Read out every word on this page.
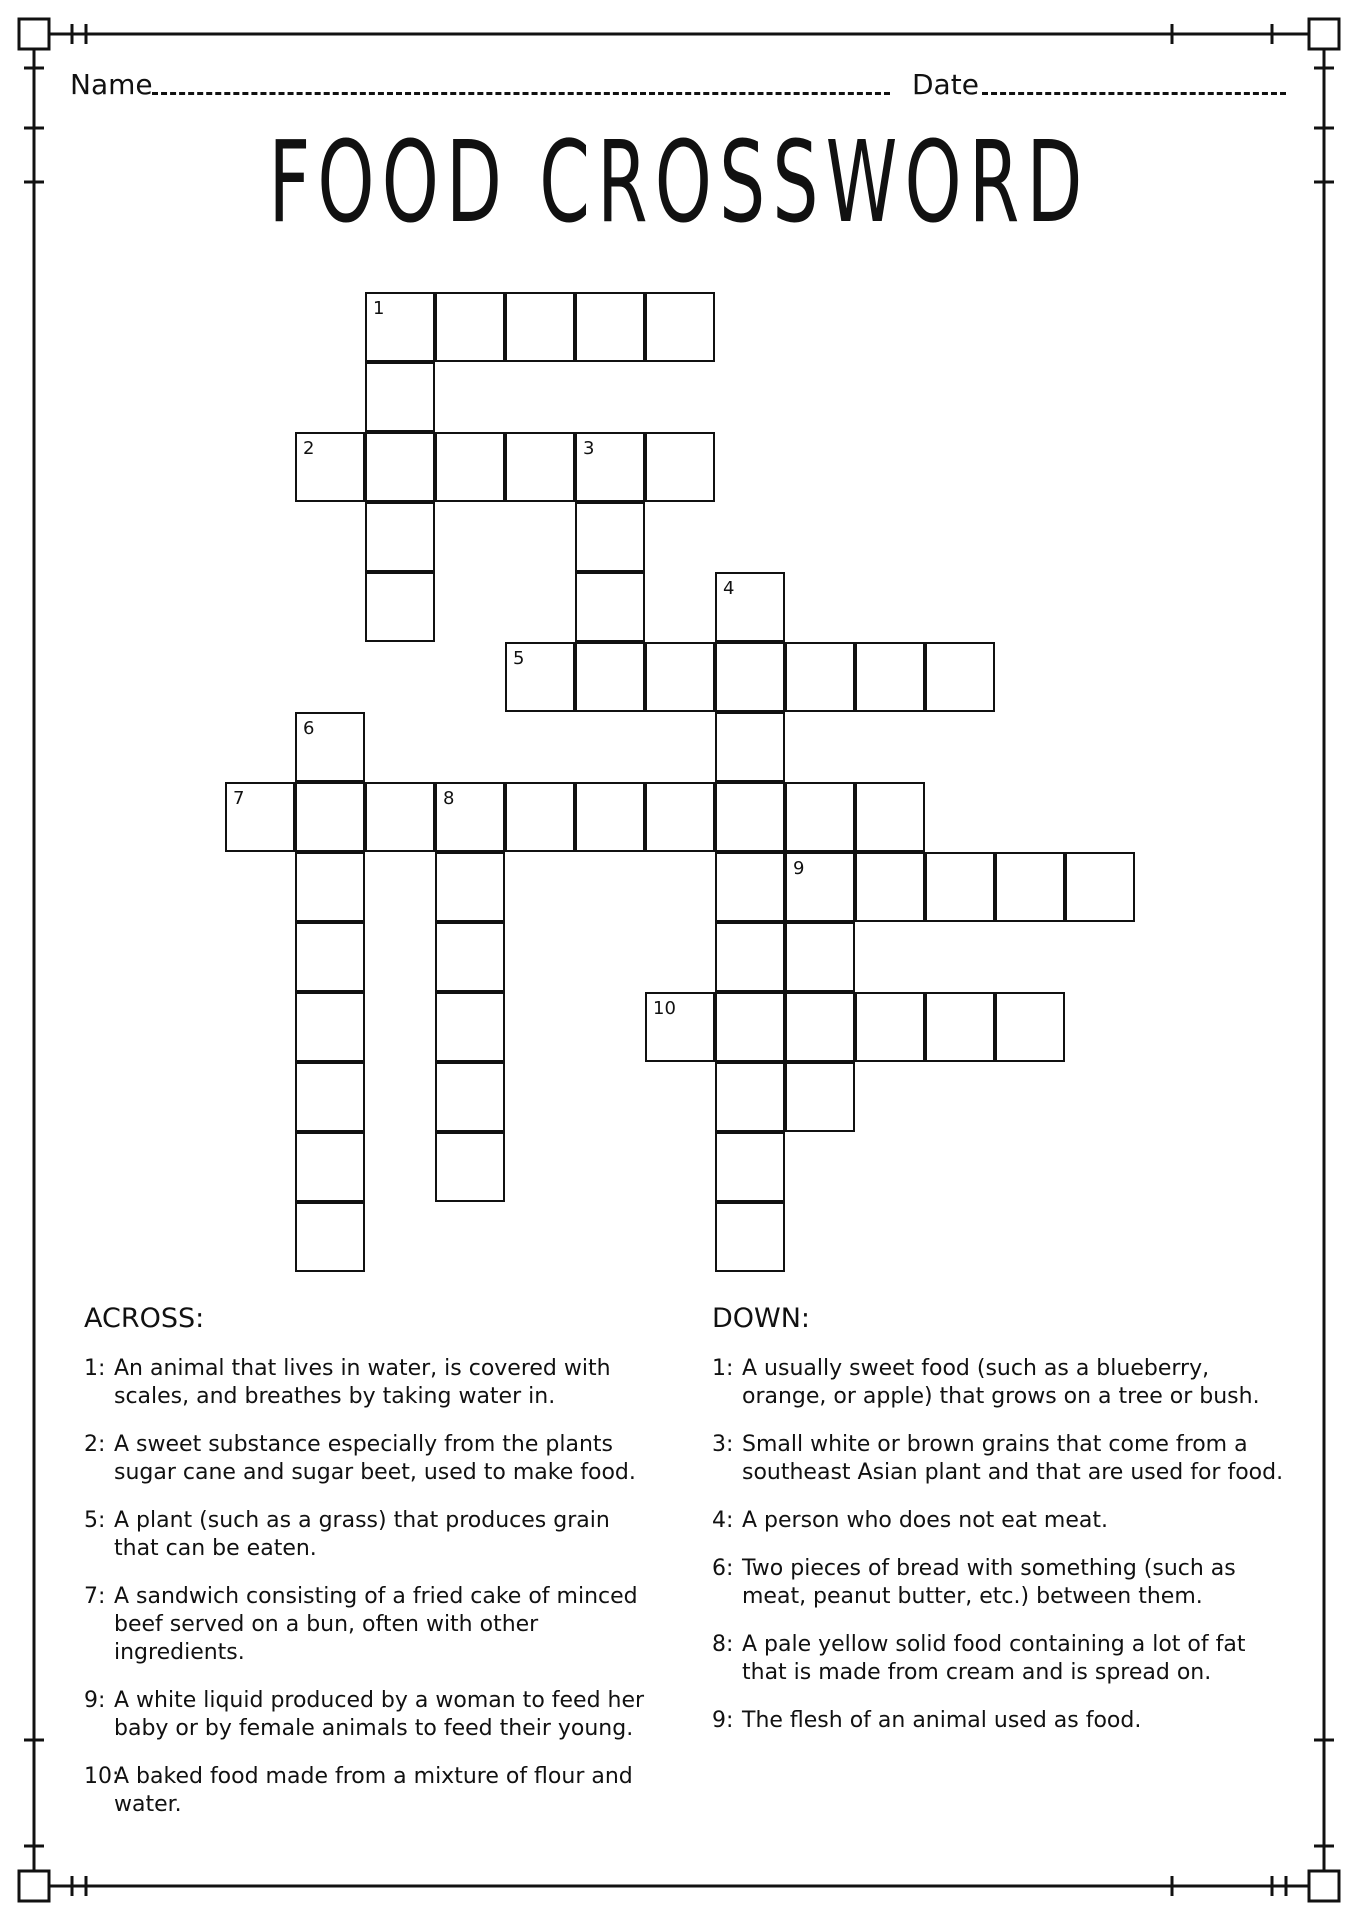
Name	Date
FOOD CROSSWORD
1
2	3
4
5
6
7	8
9
10
ACROSS:
1: An animal that lives in water, is covered with scales, and breathes by taking water in.
2: A sweet substance especially from the plants sugar cane and sugar beet, used to make food.
5: A plant (such as a grass) that produces grain that can be eaten.
7: A sandwich consisting of a fried cake of minced beef served on a bun, often with other ingredients.
9: A white liquid produced by a woman to feed her baby or by female animals to feed their young.
10:
A baked food made from a mixture of flour and water.
DOWN:
1: A usually sweet food (such as a blueberry, orange, or apple) that grows on a tree or bush.
3: Small white or brown grains that come from a southeast Asian plant and that are used for food.
4: A person who does not eat meat.
6: Two pieces of bread with something (such as meat, peanut butter, etc.) between them.
8: A pale yellow solid food containing a lot of fat that is made from cream and is spread on.
9: The flesh of an animal used as food.
